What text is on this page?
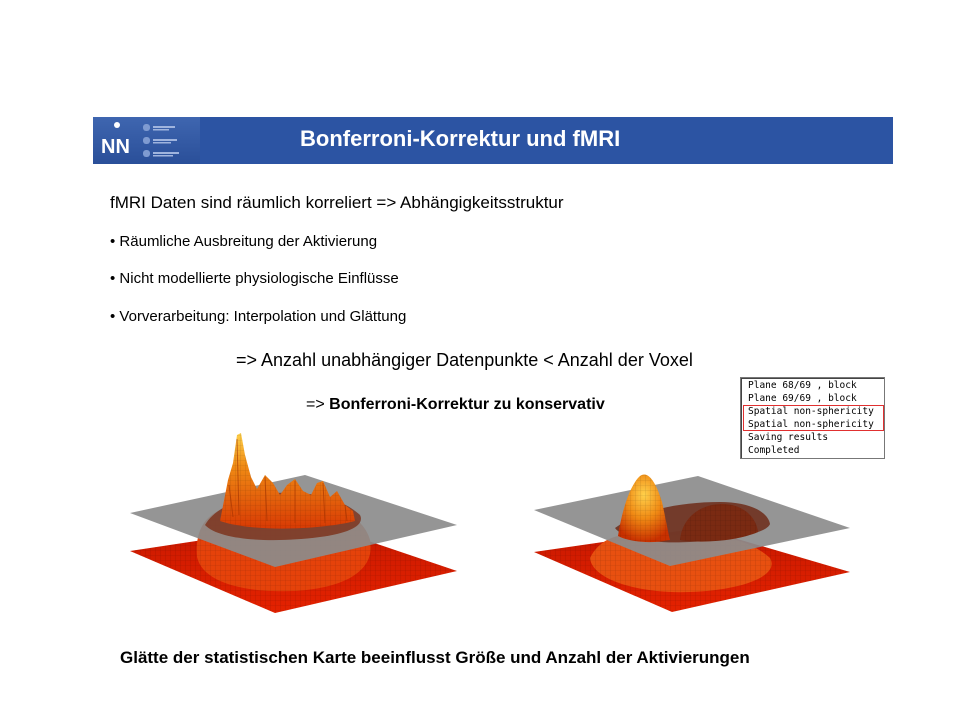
NN	Bonferroni-Korrektur und fMRI
fMRI Daten sind räumlich korreliert => Abhängigkeitsstruktur
• Räumliche Ausbreitung der Aktivierung
• Nicht modellierte physiologische Einflüsse
• Vorverarbeitung: Interpolation und Glättung
=> Anzahl unabhängiger Datenpunkte < Anzahl der Voxel
=> Bonferroni-Korrektur zu konservativ
Plane 68/69 , block
Plane 69/69 , block
Spatial non-sphericity
Spatial non-sphericity
Saving results
Completed
Glätte der statistischen Karte beeinflusst Größe und Anzahl der Aktivierungen
